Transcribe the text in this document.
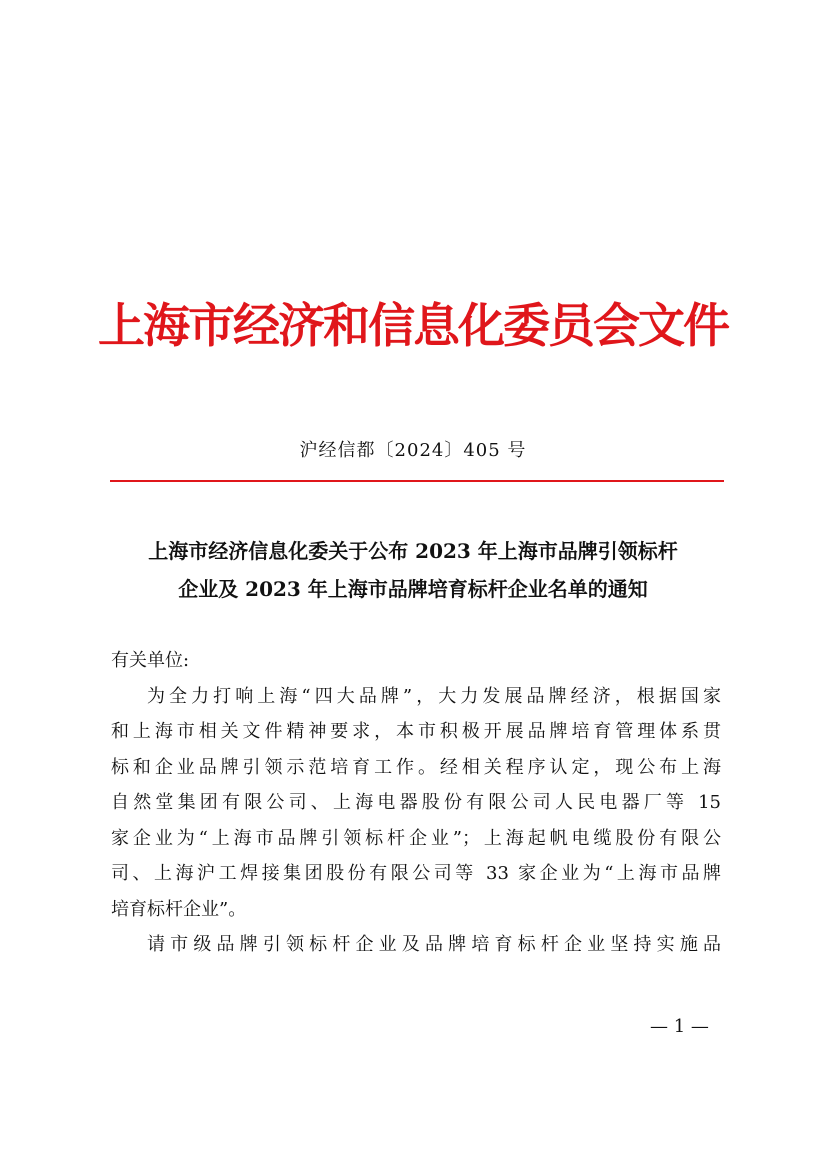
上海市经济和信息化委员会文件
沪经信都〔2024〕405 号
上海市经济信息化委关于公布 2023 年上海市品牌引领标杆
企业及 2023 年上海市品牌培育标杆企业名单的通知
有关单位:

为全力打响上海“四大品牌”，大力发展品牌经济，根据国家
和上海市相关文件精神要求，本市积极开展品牌培育管理体系贯
标和企业品牌引领示范培育工作。经相关程序认定，现公布上海
自然堂集团有限公司、上海电器股份有限公司人民电器厂等 15
家企业为“上海市品牌引领标杆企业”；上海起帆电缆股份有限公
司、上海沪工焊接集团股份有限公司等 33 家企业为“上海市品牌
培育标杆企业”。

请市级品牌引领标杆企业及品牌培育标杆企业坚持实施品

— 1 —
